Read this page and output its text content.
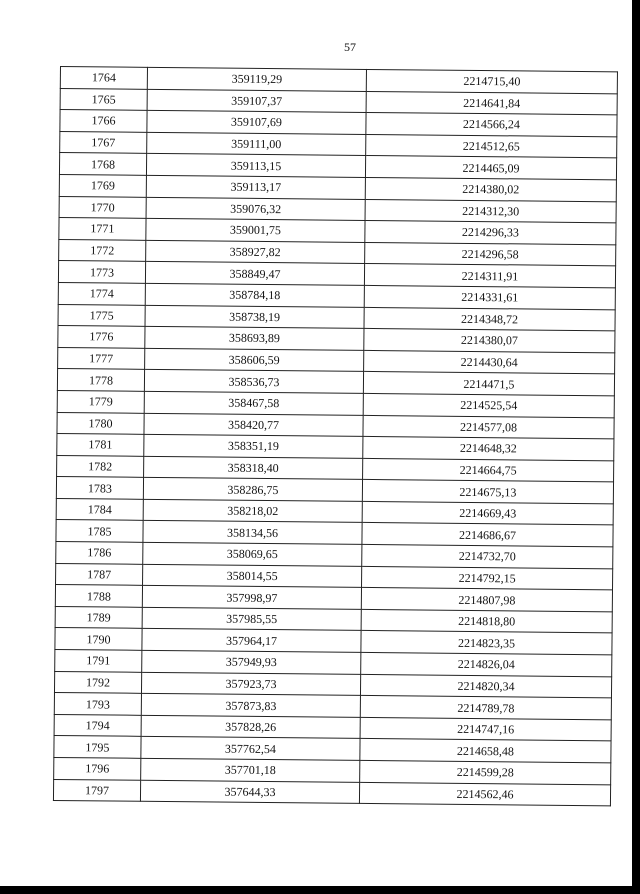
57
1764	359119,29	2214715,40
1765	359107,37	2214641,84
1766	359107,69	2214566,24
1767	359111,00	2214512,65
1768	359113,15	2214465,09
1769	359113,17	2214380,02
1770	359076,32	2214312,30
1771	359001,75	2214296,33
1772	358927,82	2214296,58
1773	358849,47	2214311,91
1774	358784,18	2214331,61
1775	358738,19	2214348,72
1776	358693,89	2214380,07
1777	358606,59	2214430,64
1778	358536,73	2214471,5
1779	358467,58	2214525,54
1780	358420,77	2214577,08
1781	358351,19	2214648,32
1782	358318,40	2214664,75
1783	358286,75	2214675,13
1784	358218,02	2214669,43
1785	358134,56	2214686,67
1786	358069,65	2214732,70
1787	358014,55	2214792,15
1788	357998,97	2214807,98
1789	357985,55	2214818,80
1790	357964,17	2214823,35
1791	357949,93	2214826,04
1792	357923,73	2214820,34
1793	357873,83	2214789,78
1794	357828,26	2214747,16
1795	357762,54	2214658,48
1796	357701,18	2214599,28
1797	357644,33	2214562,46
